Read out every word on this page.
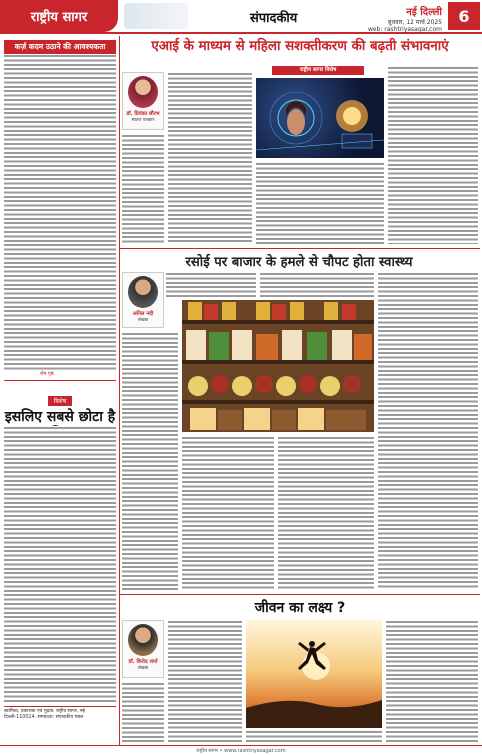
राष्ट्रीय सागर	संपादकीय	नई दिल्ली
बुधवार, 12 मार्च 2025
web: rashtriyasagar.com
6
कर्ज़ कदम उठाने की आवश्यकता
शेष पृष्ठ
एआई के माध्यम से महिला सशक्तीकरण की बढ़ती संभावनाएं
डॉ. प्रियंका सौरभ
स्वतंत्र पत्रकार
राष्ट्रीय सागर विशेष
रसोई पर बाजार के हमले से चौपट होता स्वास्थ्य
अनिल नदी
लेखक
विशेष
इसलिए सबसे छोटा है
स्वामित्व, प्रकाशक एवं मुद्रक: राष्ट्रीय सागर, नई दिल्ली-110024. सम्पादक: संपादकीय मंडल
जीवन का लक्ष्य ?
डॉ. विनोद शर्मा
लेखक
राष्ट्रीय सागर • www.rashtriyasagar.com
